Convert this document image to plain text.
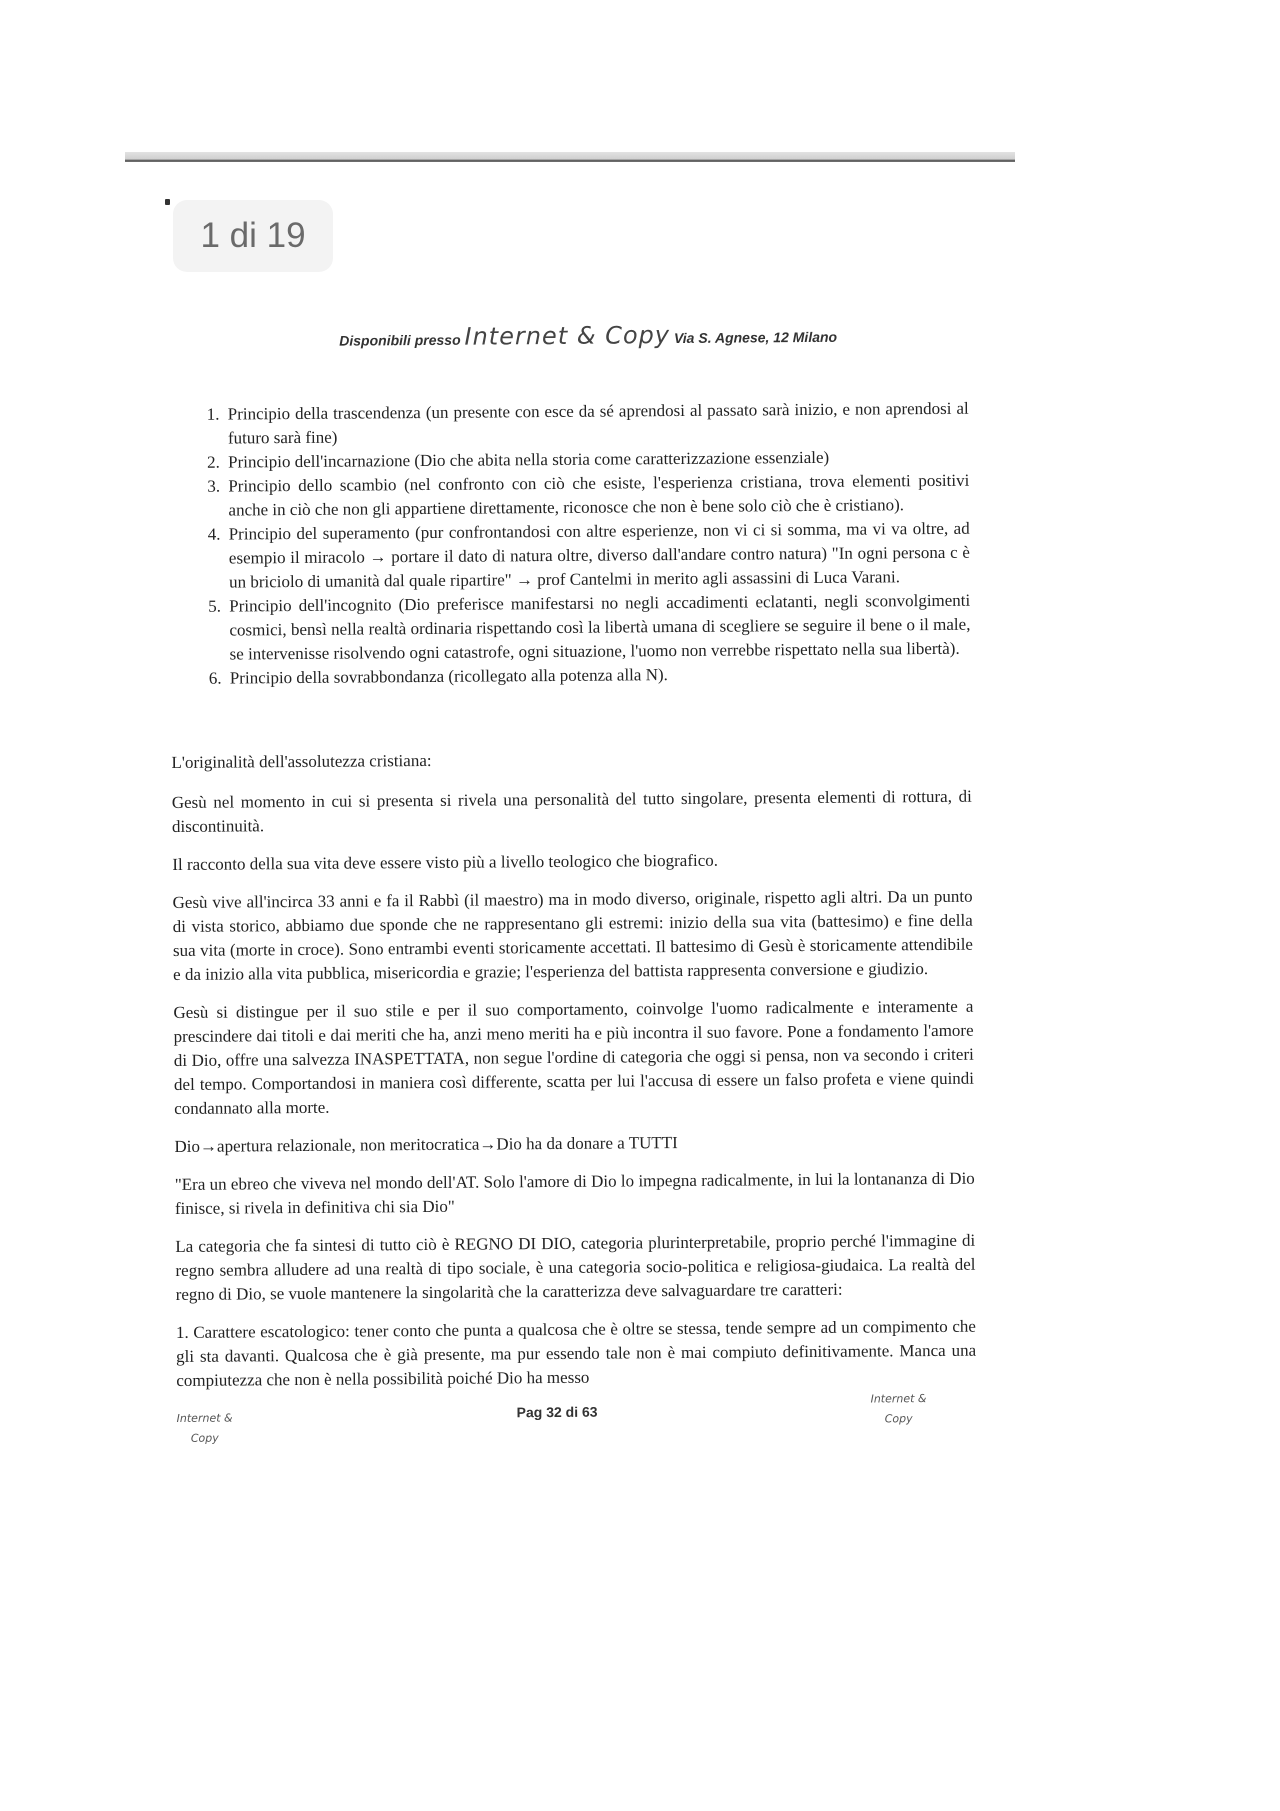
1 di 19
Disponibili presso Internet & Copy Via S. Agnese, 12 Milano
1. Principio della trascendenza (un presente con esce da sé aprendosi al passato sarà inizio, e non aprendosi al futuro sarà fine)
2. Principio dell'incarnazione (Dio che abita nella storia come caratterizzazione essenziale)
3. Principio dello scambio (nel confronto con ciò che esiste, l'esperienza cristiana, trova elementi positivi anche in ciò che non gli appartiene direttamente, riconosce che non è bene solo ciò che è cristiano).
4. Principio del superamento (pur confrontandosi con altre esperienze, non vi ci si somma, ma vi va oltre, ad esempio il miracolo → portare il dato di natura oltre, diverso dall'andare contro natura) "In ogni persona c è un briciolo di umanità dal quale ripartire" → prof Cantelmi in merito agli assassini di Luca Varani.
5. Principio dell'incognito (Dio preferisce manifestarsi no negli accadimenti eclatanti, negli sconvolgimenti cosmici, bensì nella realtà ordinaria rispettando così la libertà umana di scegliere se seguire il bene o il male, se intervenisse risolvendo ogni catastrofe, ogni situazione, l'uomo non verrebbe rispettato nella sua libertà).
6. Principio della sovrabbondanza (ricollegato alla potenza alla N).

L'originalità dell'assolutezza cristiana:

Gesù nel momento in cui si presenta si rivela una personalità del tutto singolare, presenta elementi di rottura, di discontinuità.

Il racconto della sua vita deve essere visto più a livello teologico che biografico.

Gesù vive all'incirca 33 anni e fa il Rabbì (il maestro) ma in modo diverso, originale, rispetto agli altri. Da un punto di vista storico, abbiamo due sponde che ne rappresentano gli estremi: inizio della sua vita (battesimo) e fine della sua vita (morte in croce). Sono entrambi eventi storicamente accettati. Il battesimo di Gesù è storicamente attendibile e da inizio alla vita pubblica, misericordia e grazie; l'esperienza del battista rappresenta conversione e giudizio.

Gesù si distingue per il suo stile e per il suo comportamento, coinvolge l'uomo radicalmente e interamente a prescindere dai titoli e dai meriti che ha, anzi meno meriti ha e più incontra il suo favore. Pone a fondamento l'amore di Dio, offre una salvezza INASPETTATA, non segue l'ordine di categoria che oggi si pensa, non va secondo i criteri del tempo. Comportandosi in maniera così differente, scatta per lui l'accusa di essere un falso profeta e viene quindi condannato alla morte.

Dio→apertura relazionale, non meritocratica→Dio ha da donare a TUTTI

"Era un ebreo che viveva nel mondo dell'AT. Solo l'amore di Dio lo impegna radicalmente, in lui la lontananza di Dio finisce, si rivela in definitiva chi sia Dio"

La categoria che fa sintesi di tutto ciò è REGNO DI DIO, categoria plurinterpretabile, proprio perché l'immagine di regno sembra alludere ad una realtà di tipo sociale, è una categoria socio-politica e religiosa-giudaica. La realtà del regno di Dio, se vuole mantenere la singolarità che la caratterizza deve salvaguardare tre caratteri:

1. Carattere escatologico: tener conto che punta a qualcosa che è oltre se stessa, tende sempre ad un compimento che gli sta davanti. Qualcosa che è già presente, ma pur essendo tale non è mai compiuto definitivamente. Manca una compiutezza che non è nella possibilità poiché Dio ha messo

Internet &
Copy
Pag 32 di 63
Internet &
Copy
